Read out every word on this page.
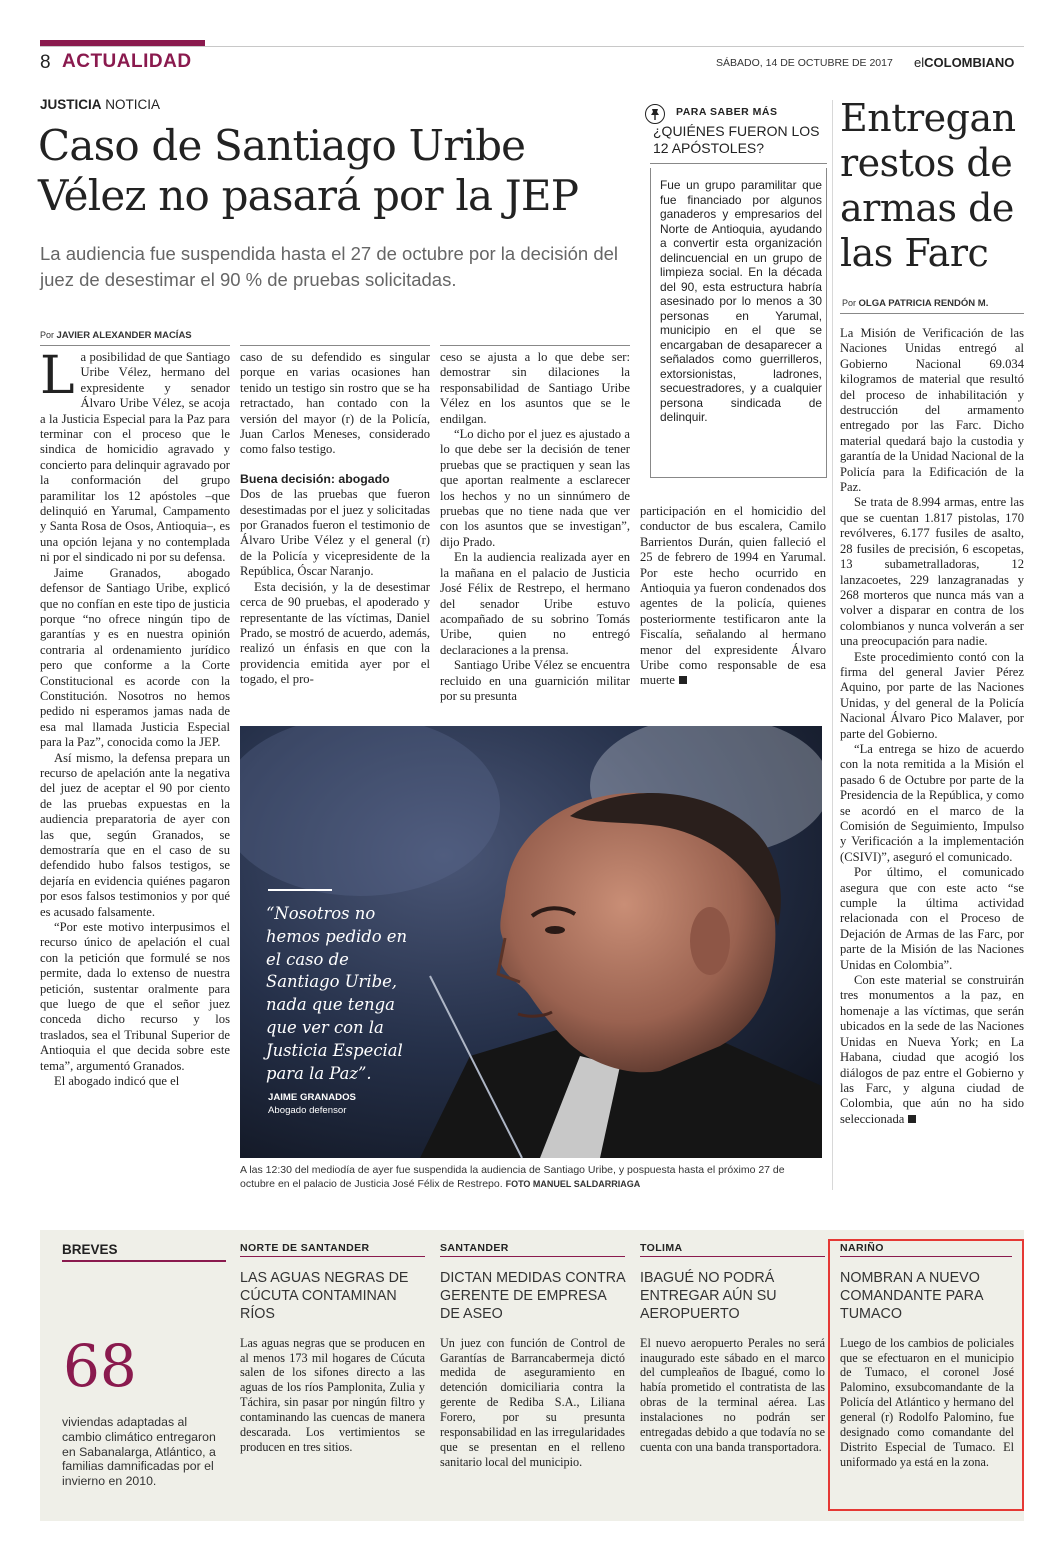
8 ACTUALIDAD	SÁBADO, 14 DE OCTUBRE DE 2017 elCOLOMBIANO
JUSTICIA NOTICIA
Caso de Santiago Uribe Vélez no pasará por la JEP
La audiencia fue suspendida hasta el 27 de octubre por la decisión del juez de desestimar el 90 % de pruebas solicitadas.
Por JAVIER ALEXANDER MACÍAS

La posibilidad de que Santiago Uribe Vélez, hermano del expresidente y senador Álvaro Uribe Vélez, se acoja a la Justicia Especial para la Paz para terminar con el proceso que le sindica de homicidio agravado y concierto para delinquir agravado por la conformación del grupo paramilitar los 12 apóstoles –que delinquió en Yarumal, Campamento y Santa Rosa de Osos, Antioquia–, es una opción lejana y no contemplada ni por el sindicado ni por su defensa.

Jaime Granados, abogado defensor de Santiago Uribe, explicó que no confían en este tipo de justicia porque “no ofrece ningún tipo de garantías y es en nuestra opinión contraria al ordenamiento jurídico pero que conforme a la Corte Constitucional es acorde con la Constitución. Nosotros no hemos pedido ni esperamos jamas nada de esa mal llamada Justicia Especial para la Paz”, conocida como la JEP.

Así mismo, la defensa prepara un recurso de apelación ante la negativa del juez de aceptar el 90 por ciento de las pruebas expuestas en la audiencia preparatoria de ayer con las que, según Granados, se demostraría que en el caso de su defendido hubo falsos testigos, se dejaría en evidencia quiénes pagaron por esos falsos testimonios y por qué es acusado falsamente.

“Por este motivo interpusimos el recurso único de apelación el cual con la petición que formulé se nos permite, dada lo extenso de nuestra petición, sustentar oralmente para que luego de que el señor juez conceda dicho recurso y los traslados, sea el Tribunal Superior de Antioquia el que decida sobre este tema”, argumentó Granados.

El abogado indicó que el

caso de su defendido es singular porque en varias ocasiones han tenido un testigo sin rostro que se ha retractado, han contado con la versión del mayor (r) de la Policía, Juan Carlos Meneses, considerado como falso testigo.

Buena decisión: abogado

Dos de las pruebas que fueron desestimadas por el juez y solicitadas por Granados fueron el testimonio de Álvaro Uribe Vélez y el general (r) de la Policía y vicepresidente de la República, Óscar Naranjo.

Esta decisión, y la de desestimar cerca de 90 pruebas, el apoderado y representante de las víctimas, Daniel Prado, se mostró de acuerdo, además, realizó un énfasis en que con la providencia emitida ayer por el togado, el pro-

ceso se ajusta a lo que debe ser: demostrar sin dilaciones la responsabilidad de Santiago Uribe Vélez en los asuntos que se le endilgan.

“Lo dicho por el juez es ajustado a lo que debe ser la decisión de tener pruebas que se practiquen y sean las que aportan realmente a esclarecer los hechos y no un sinnúmero de pruebas que no tiene nada que ver con los asuntos que se investigan”, dijo Prado.

En la audiencia realizada ayer en la mañana en el palacio de Justicia José Félix de Restrepo, el hermano del senador Uribe estuvo acompañado de su sobrino Tomás Uribe, quien no entregó declaraciones a la prensa.

Santiago Uribe Vélez se encuentra recluido en una guarnición militar por su presunta

participación en el homicidio del conductor de bus escalera, Camilo Barrientos Durán, quien falleció el 25 de febrero de 1994 en Yarumal. Por este hecho ocurrido en Antioquia ya fueron condenados dos agentes de la policía, quienes posteriormente testificaron ante la Fiscalía, señalando al hermano menor del expresidente Álvaro Uribe como responsable de esa muerte

PARA SABER MÁS
¿QUIÉNES FUERON LOS 12 APÓSTOLES?
Fue un grupo paramilitar que fue financiado por algunos ganaderos y empresarios del Norte de Antioquia, ayudando a convertir esta organización delincuencial en un grupo de limpieza social. En la década del 90, esta estructura habría asesinado por lo menos a 30 personas en Yarumal, municipio en el que se encargaban de desaparecer a señalados como guerrilleros, extorsionistas, ladrones, secuestradores, y a cualquier persona sindicada de delinquir.
Entregan restos de armas de las Farc
Por OLGA PATRICIA RENDÓN M.

La Misión de Verificación de las Naciones Unidas entregó al Gobierno Nacional 69.034 kilogramos de material que resultó del proceso de inhabilitación y destrucción del armamento entregado por las Farc. Dicho material quedará bajo la custodia y garantía de la Unidad Nacional de la Policía para la Edificación de la Paz.

Se trata de 8.994 armas, entre las que se cuentan 1.817 pistolas, 170 revólveres, 6.177 fusiles de asalto, 28 fusiles de precisión, 6 escopetas, 13 subametralladoras, 12 lanzacoetes, 229 lanzagranadas y 268 morteros que nunca más van a volver a disparar en contra de los colombianos y nunca volverán a ser una preocupación para nadie.

Este procedimiento contó con la firma del general Javier Pérez Aquino, por parte de las Naciones Unidas, y del general de la Policía Nacional Álvaro Pico Malaver, por parte del Gobierno.

“La entrega se hizo de acuerdo con la nota remitida a la Misión el pasado 6 de Octubre por parte de la Presidencia de la República, y como se acordó en el marco de la Comisión de Seguimiento, Impulso y Verificación a la implementación (CSIVI)”, aseguró el comunicado.

Por último, el comunicado asegura que con este acto “se cumple la última actividad relacionada con el Proceso de Dejación de Armas de las Farc, por parte de la Misión de las Naciones Unidas en Colombia”.

Con este material se construirán tres monumentos a la paz, en homenaje a las víctimas, que serán ubicados en la sede de las Naciones Unidas en Nueva York; en La Habana, ciudad que acogió los diálogos de paz entre el Gobierno y las Farc, y alguna ciudad de Colombia, que aún no ha sido seleccionada

“Nosotros no hemos pedido en el caso de Santiago Uribe, nada que tenga que ver con la Justicia Especial para la Paz”.
JAIME GRANADOS
Abogado defensor
A las 12:30 del mediodía de ayer fue suspendida la audiencia de Santiago Uribe, y pospuesta hasta el próximo 27 de octubre en el palacio de Justicia José Félix de Restrepo. FOTO MANUEL SALDARRIAGA
BREVES
68
viviendas adaptadas al cambio climático entregaron en Sabanalarga, Atlántico, a familias damnificadas por el invierno en 2010.
NORTE DE SANTANDER
LAS AGUAS NEGRAS DE CÚCUTA CONTAMINAN RÍOS
Las aguas negras que se producen en al menos 173 mil hogares de Cúcuta salen de los sifones directo a las aguas de los ríos Pamplonita, Zulia y Táchira, sin pasar por ningún filtro y contaminando las cuencas de manera descarada. Los vertimientos se producen en tres sitios.
SANTANDER
DICTAN MEDIDAS CONTRA GERENTE DE EMPRESA DE ASEO
Un juez con función de Control de Garantías de Barrancabermeja dictó medida de aseguramiento en detención domiciliaria contra la gerente de Rediba S.A., Liliana Forero, por su presunta responsabilidad en las irregularidades que se presentan en el relleno sanitario local del municipio.
TOLIMA
IBAGUÉ NO PODRÁ ENTREGAR AÚN SU AEROPUERTO
El nuevo aeropuerto Perales no será inaugurado este sábado en el marco del cumpleaños de Ibagué, como lo había prometido el contratista de las obras de la terminal aérea. Las instalaciones no podrán ser entregadas debido a que todavía no se cuenta con una banda transportadora.
NARIÑO
NOMBRAN A NUEVO COMANDANTE PARA TUMACO
Luego de los cambios de policiales que se efectuaron en el municipio de Tumaco, el coronel José Palomino, exsubcomandante de la Policía del Atlántico y hermano del general (r) Rodolfo Palomino, fue designado como comandante del Distrito Especial de Tumaco. El uniformado ya está en la zona.
